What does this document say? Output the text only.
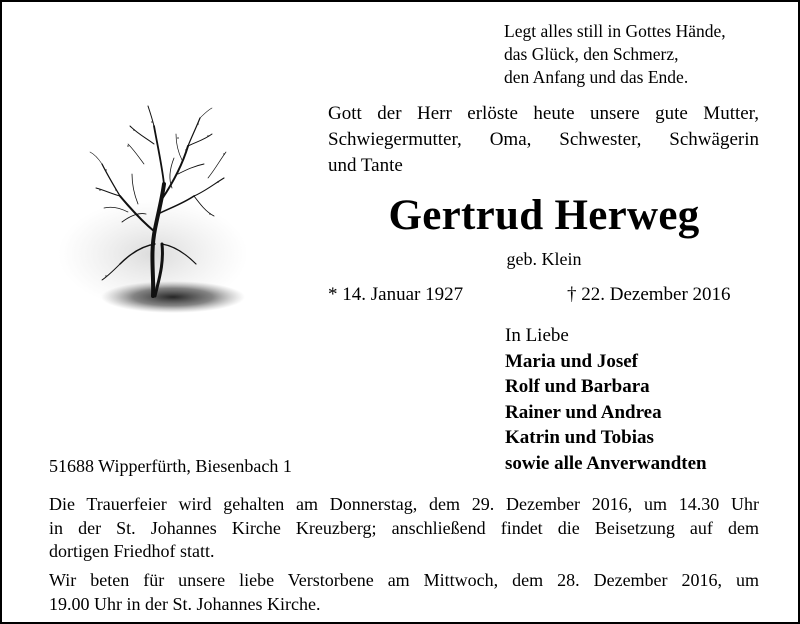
Legt alles still in Gottes Hände,
das Glück, den Schmerz,
den Anfang und das Ende.
Gott der Herr erlöste heute unsere gute Mutter,
Schwiegermutter, Oma, Schwester, Schwägerin
und Tante
Gertrud Herweg
geb. Klein
* 14. Januar 1927	† 22. Dezember 2016
In Liebe
Maria und Josef
Rolf und Barbara
Rainer und Andrea
Katrin und Tobias
sowie alle Anverwandten
51688 Wipperfürth, Biesenbach 1
Die Trauerfeier wird gehalten am Donnerstag, dem 29. Dezember 2016, um 14.30 Uhr
in der St. Johannes Kirche Kreuzberg; anschließend findet die Beisetzung auf dem
dortigen Friedhof statt.
Wir beten für unsere liebe Verstorbene am Mittwoch, dem 28. Dezember 2016, um
19.00 Uhr in der St. Johannes Kirche.
